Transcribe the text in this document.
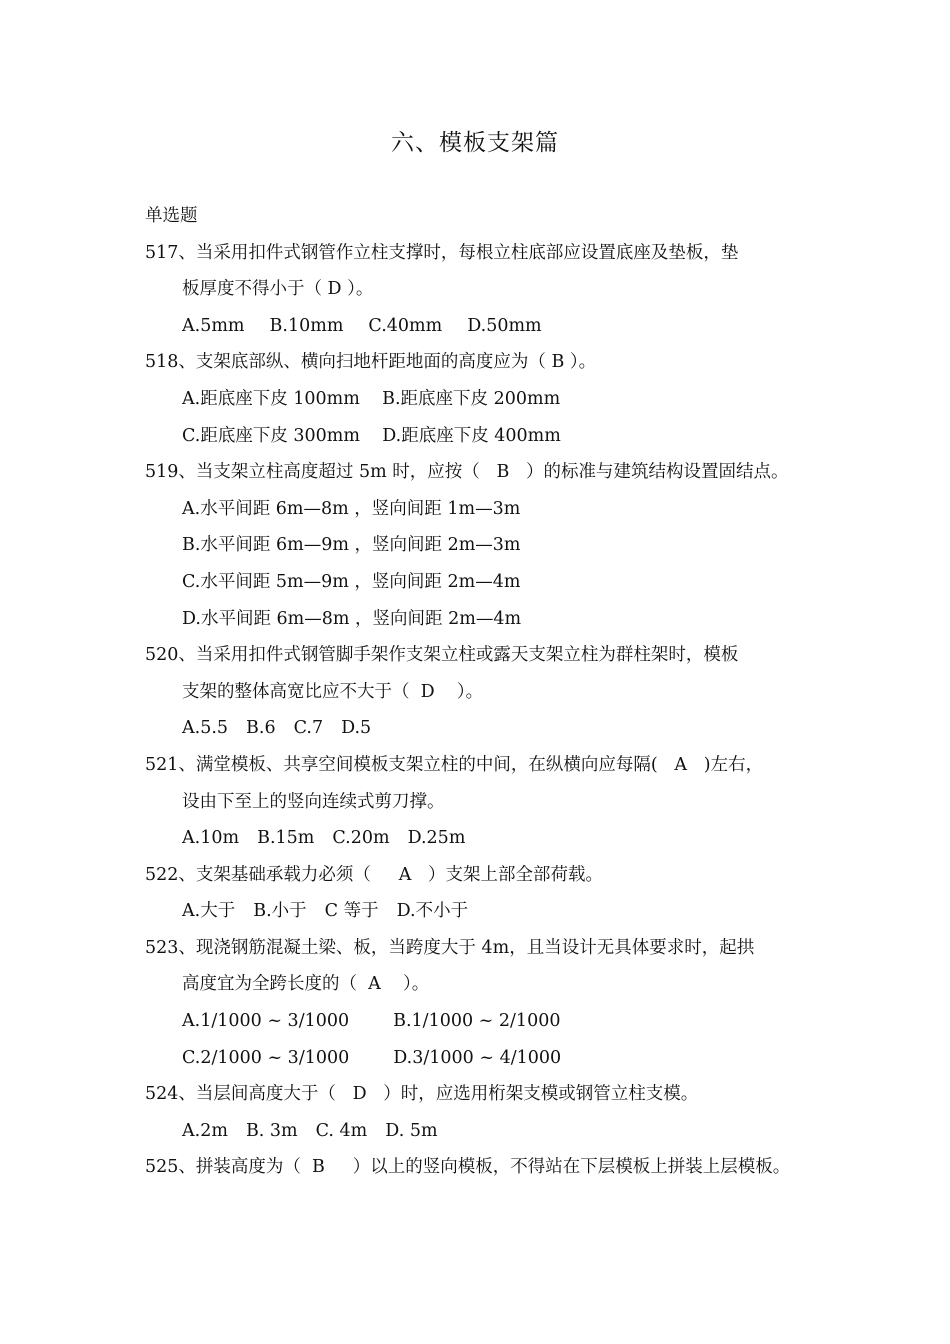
六、模板支架篇
单选题
517、当采用扣件式钢管作立柱支撑时，每根立柱底部应设置底座及垫板，垫
板厚度不得小于（ D ）。
A.5mm B.10mm C.40mm D.50mm
518、支架底部纵、横向扫地杆距地面的高度应为（ B ）。
A.距底座下皮 100mm    B.距底座下皮 200mm
C.距底座下皮 300mm    D.距底座下皮 400mm
519、当支架立柱高度超过 5m 时，应按（   B   ）的标准与建筑结构设置固结点。
A.水平间距 6m—8m ，竖向间距 1m—3m
B.水平间距 6m—9m ，竖向间距 2m—3m
C.水平间距 5m—9m ，竖向间距 2m—4m
D.水平间距 6m—8m ，竖向间距 2m—4m
520、当采用扣件式钢管脚手架作支架立柱或露天支架立柱为群柱架时，模板
支架的整体高宽比应不大于（  D    ）。
A.5.5 B.6 C.7 D.5
521、满堂模板、共享空间模板支架立柱的中间，在纵横向应每隔(   A   )左右，
设由下至上的竖向连续式剪刀撑。
A.10m B.15m C.20m D.25m
522、支架基础承载力必须（     A   ）支架上部全部荷载。
A.大于 B.小于 C 等于 D.不小于
523、现浇钢筋混凝土梁、板，当跨度大于 4m，且当设计无具体要求时，起拱
高度宜为全跨长度的（  A    ）。
A.1/1000 ~ 3/1000	B.1/1000 ~ 2/1000
C.2/1000 ~ 3/1000	D.3/1000 ~ 4/1000
524、当层间高度大于（   D   ）时，应选用桁架支模或钢管立柱支模。
A.2m B. 3m C. 4m D. 5m
525、拼装高度为（  B     ）以上的竖向模板，不得站在下层模板上拼装上层模板。
